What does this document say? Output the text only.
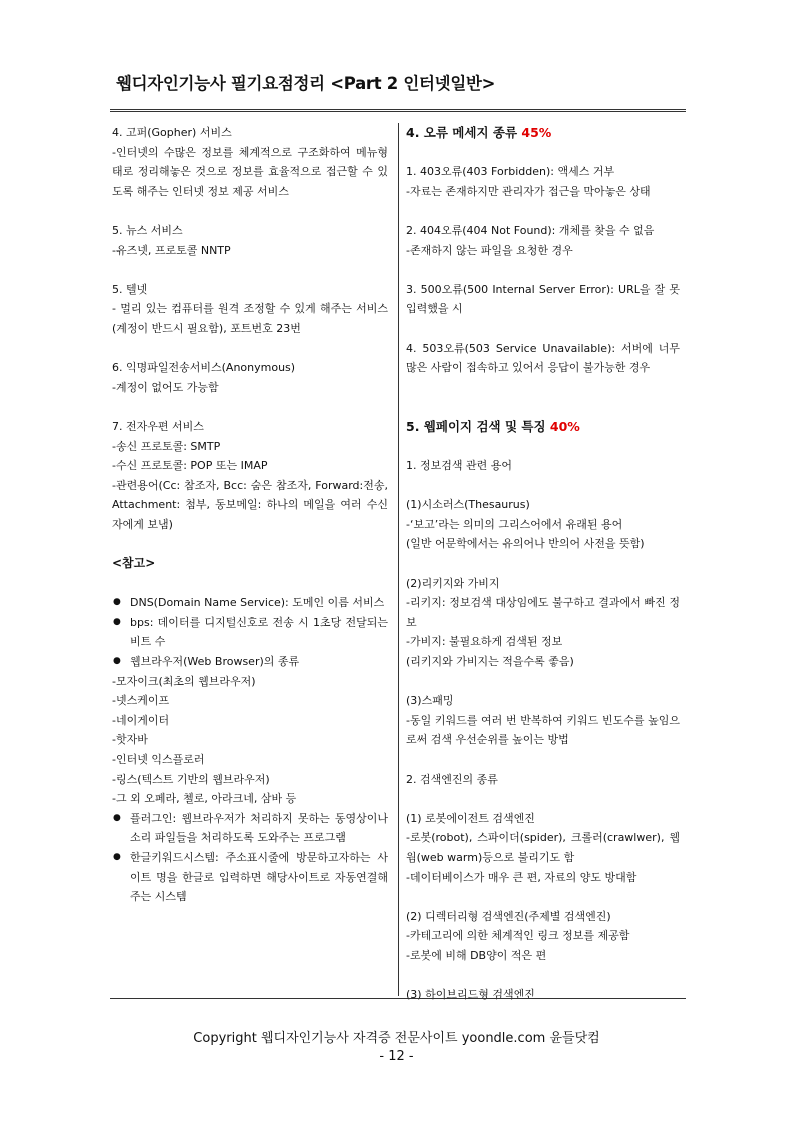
웹디자인기능사 필기요점정리 <Part 2 인터넷일반>

4. 고퍼(Gopher) 서비스

-인터넷의 수많은 정보를 체계적으로 구조화하여 메뉴형태로 정리해놓은 것으로 정보를 효율적으로 접근할 수 있도록 해주는 인터넷 정보 제공 서비스

5. 뉴스 서비스

-유즈넷, 프로토콜 NNTP

5. 텔넷

- 멀리 있는 컴퓨터를 원격 조정할 수 있게 해주는 서비스(계정이 반드시 필요함), 포트번호 23번

6. 익명파일전송서비스(Anonymous)

-계정이 없어도 가능함

7. 전자우편 서비스

-송신 프로토콜: SMTP

-수신 프로토콜: POP 또는 IMAP

-관련용어(Cc: 참조자, Bcc: 숨은 참조자, Forward:전송, Attachment: 첨부, 동보메일: 하나의 메일을 여러 수신자에게 보냄)

<참고>

● DNS(Domain Name Service): 도메인 이름 서비스
● bps: 데이터를 디지털신호로 전송 시 1초당 전달되는 비트 수
● 웹브라우저(Web Browser)의 종류

-모자이크(최초의 웹브라우저)

-넷스케이프

-네이게이터

-핫자바

-인터넷 익스플로러

-링스(텍스트 기반의 웹브라우저)

-그 외 오페라, 첼로, 아라크네, 삼바 등

● 플러그인: 웹브라우저가 처리하지 못하는 동영상이나 소리 파일들을 처리하도록 도와주는 프로그램
● 한글키워드시스템: 주소표시줄에 방문하고자하는 사이트 명을 한글로 입력하면 해당사이트로 자동연결해주는 시스템

4. 오류 메세지 종류 45%

1. 403오류(403 Forbidden): 액세스 거부

-자료는 존재하지만 관리자가 접근을 막아놓은 상태

2. 404오류(404 Not Found): 개체를 찾을 수 없음

-존재하지 않는 파일을 요청한 경우

3. 500오류(500 Internal Server Error): URL을 잘 못 입력했을 시

4. 503오류(503 Service Unavailable): 서버에 너무 많은 사람이 접속하고 있어서 응답이 불가능한 경우

5. 웹페이지 검색 및 특징 40%

1. 정보검색 관련 용어

(1)시소러스(Thesaurus)

-‘보고’라는 의미의 그리스어에서 유래된 용어

(일반 어문학에서는 유의어나 반의어 사전을 뜻함)

(2)리키지와 가비지

-리키지: 정보검색 대상임에도 불구하고 결과에서 빠진 정보

-가비지: 불필요하게 검색된 정보

(리키지와 가비지는 적을수록 좋음)

(3)스패밍

-동일 키워드를 여러 번 반복하여 키워드 빈도수를 높임으로써 검색 우선순위를 높이는 방법

2. 검색엔진의 종류

(1) 로봇에이전트 검색엔진

-로봇(robot), 스파이더(spider), 크롤러(crawlwer), 웹웜(web warm)등으로 불리기도 함

-데이터베이스가 매우 큰 편, 자료의 양도 방대함

(2) 디렉터리형 검색엔진(주제별 검색엔진)

-카테고리에 의한 체계적인 링크 정보를 제공함

-로봇에 비해 DB양이 적은 편

(3) 하이브리드형 검색엔진

Copyright 웹디자인기능사 자격증 전문사이트 yoondle.com 윤들닷컴
- 12 -
